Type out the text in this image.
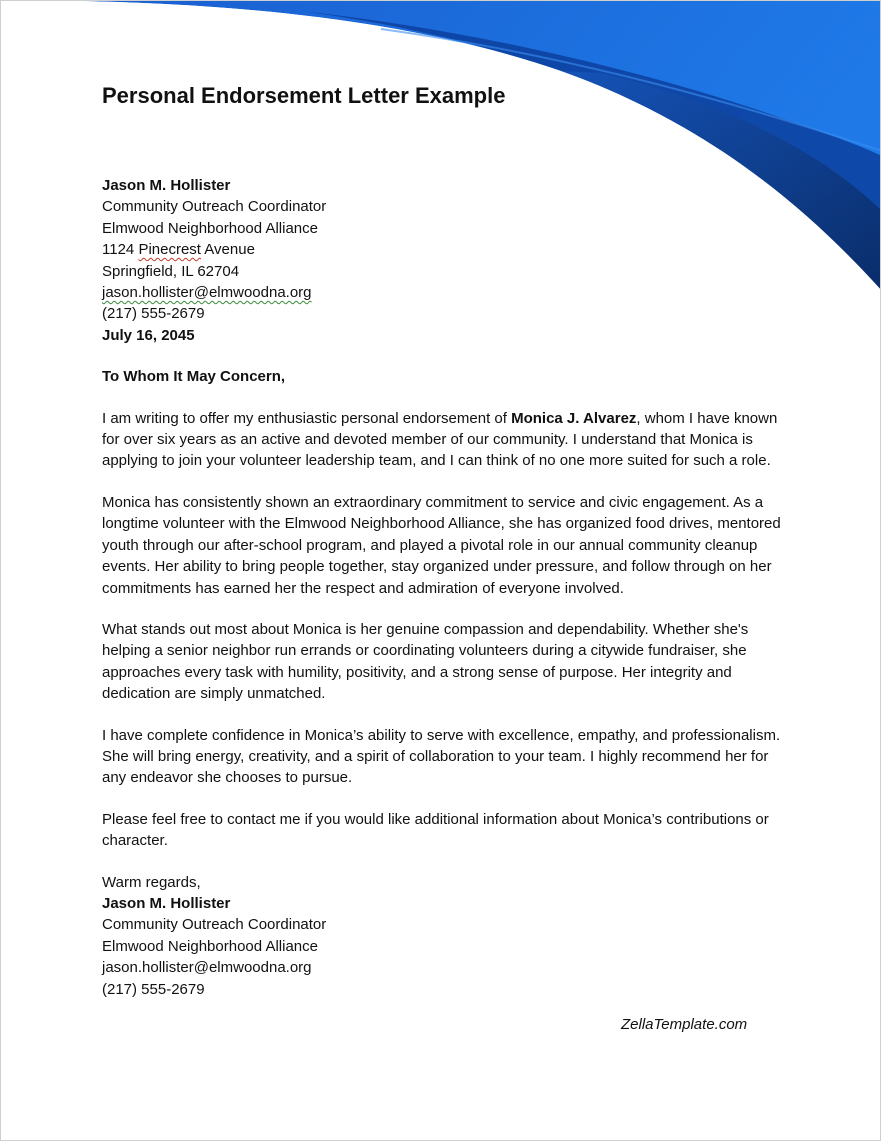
Personal Endorsement Letter Example
Jason M. Hollister
Community Outreach Coordinator
Elmwood Neighborhood Alliance
1124 Pinecrest Avenue
Springfield, IL 62704
jason.hollister@elmwoodna.org
(217) 555-2679
July 16, 2045

To Whom It May Concern,

I am writing to offer my enthusiastic personal endorsement of Monica J. Alvarez, whom I have known for over six years as an active and devoted member of our community. I understand that Monica is applying to join your volunteer leadership team, and I can think of no one more suited for such a role.

Monica has consistently shown an extraordinary commitment to service and civic engagement. As a longtime volunteer with the Elmwood Neighborhood Alliance, she has organized food drives, mentored youth through our after-school program, and played a pivotal role in our annual community cleanup events. Her ability to bring people together, stay organized under pressure, and follow through on her commitments has earned her the respect and admiration of everyone involved.

What stands out most about Monica is her genuine compassion and dependability. Whether she's helping a senior neighbor run errands or coordinating volunteers during a citywide fundraiser, she approaches every task with humility, positivity, and a strong sense of purpose. Her integrity and dedication are simply unmatched.

I have complete confidence in Monica’s ability to serve with excellence, empathy, and professionalism. She will bring energy, creativity, and a spirit of collaboration to your team. I highly recommend her for any endeavor she chooses to pursue.

Please feel free to contact me if you would like additional information about Monica’s contributions or character.

Warm regards,
Jason M. Hollister
Community Outreach Coordinator
Elmwood Neighborhood Alliance
jason.hollister@elmwoodna.org
(217) 555-2679
ZellaTemplate.com
